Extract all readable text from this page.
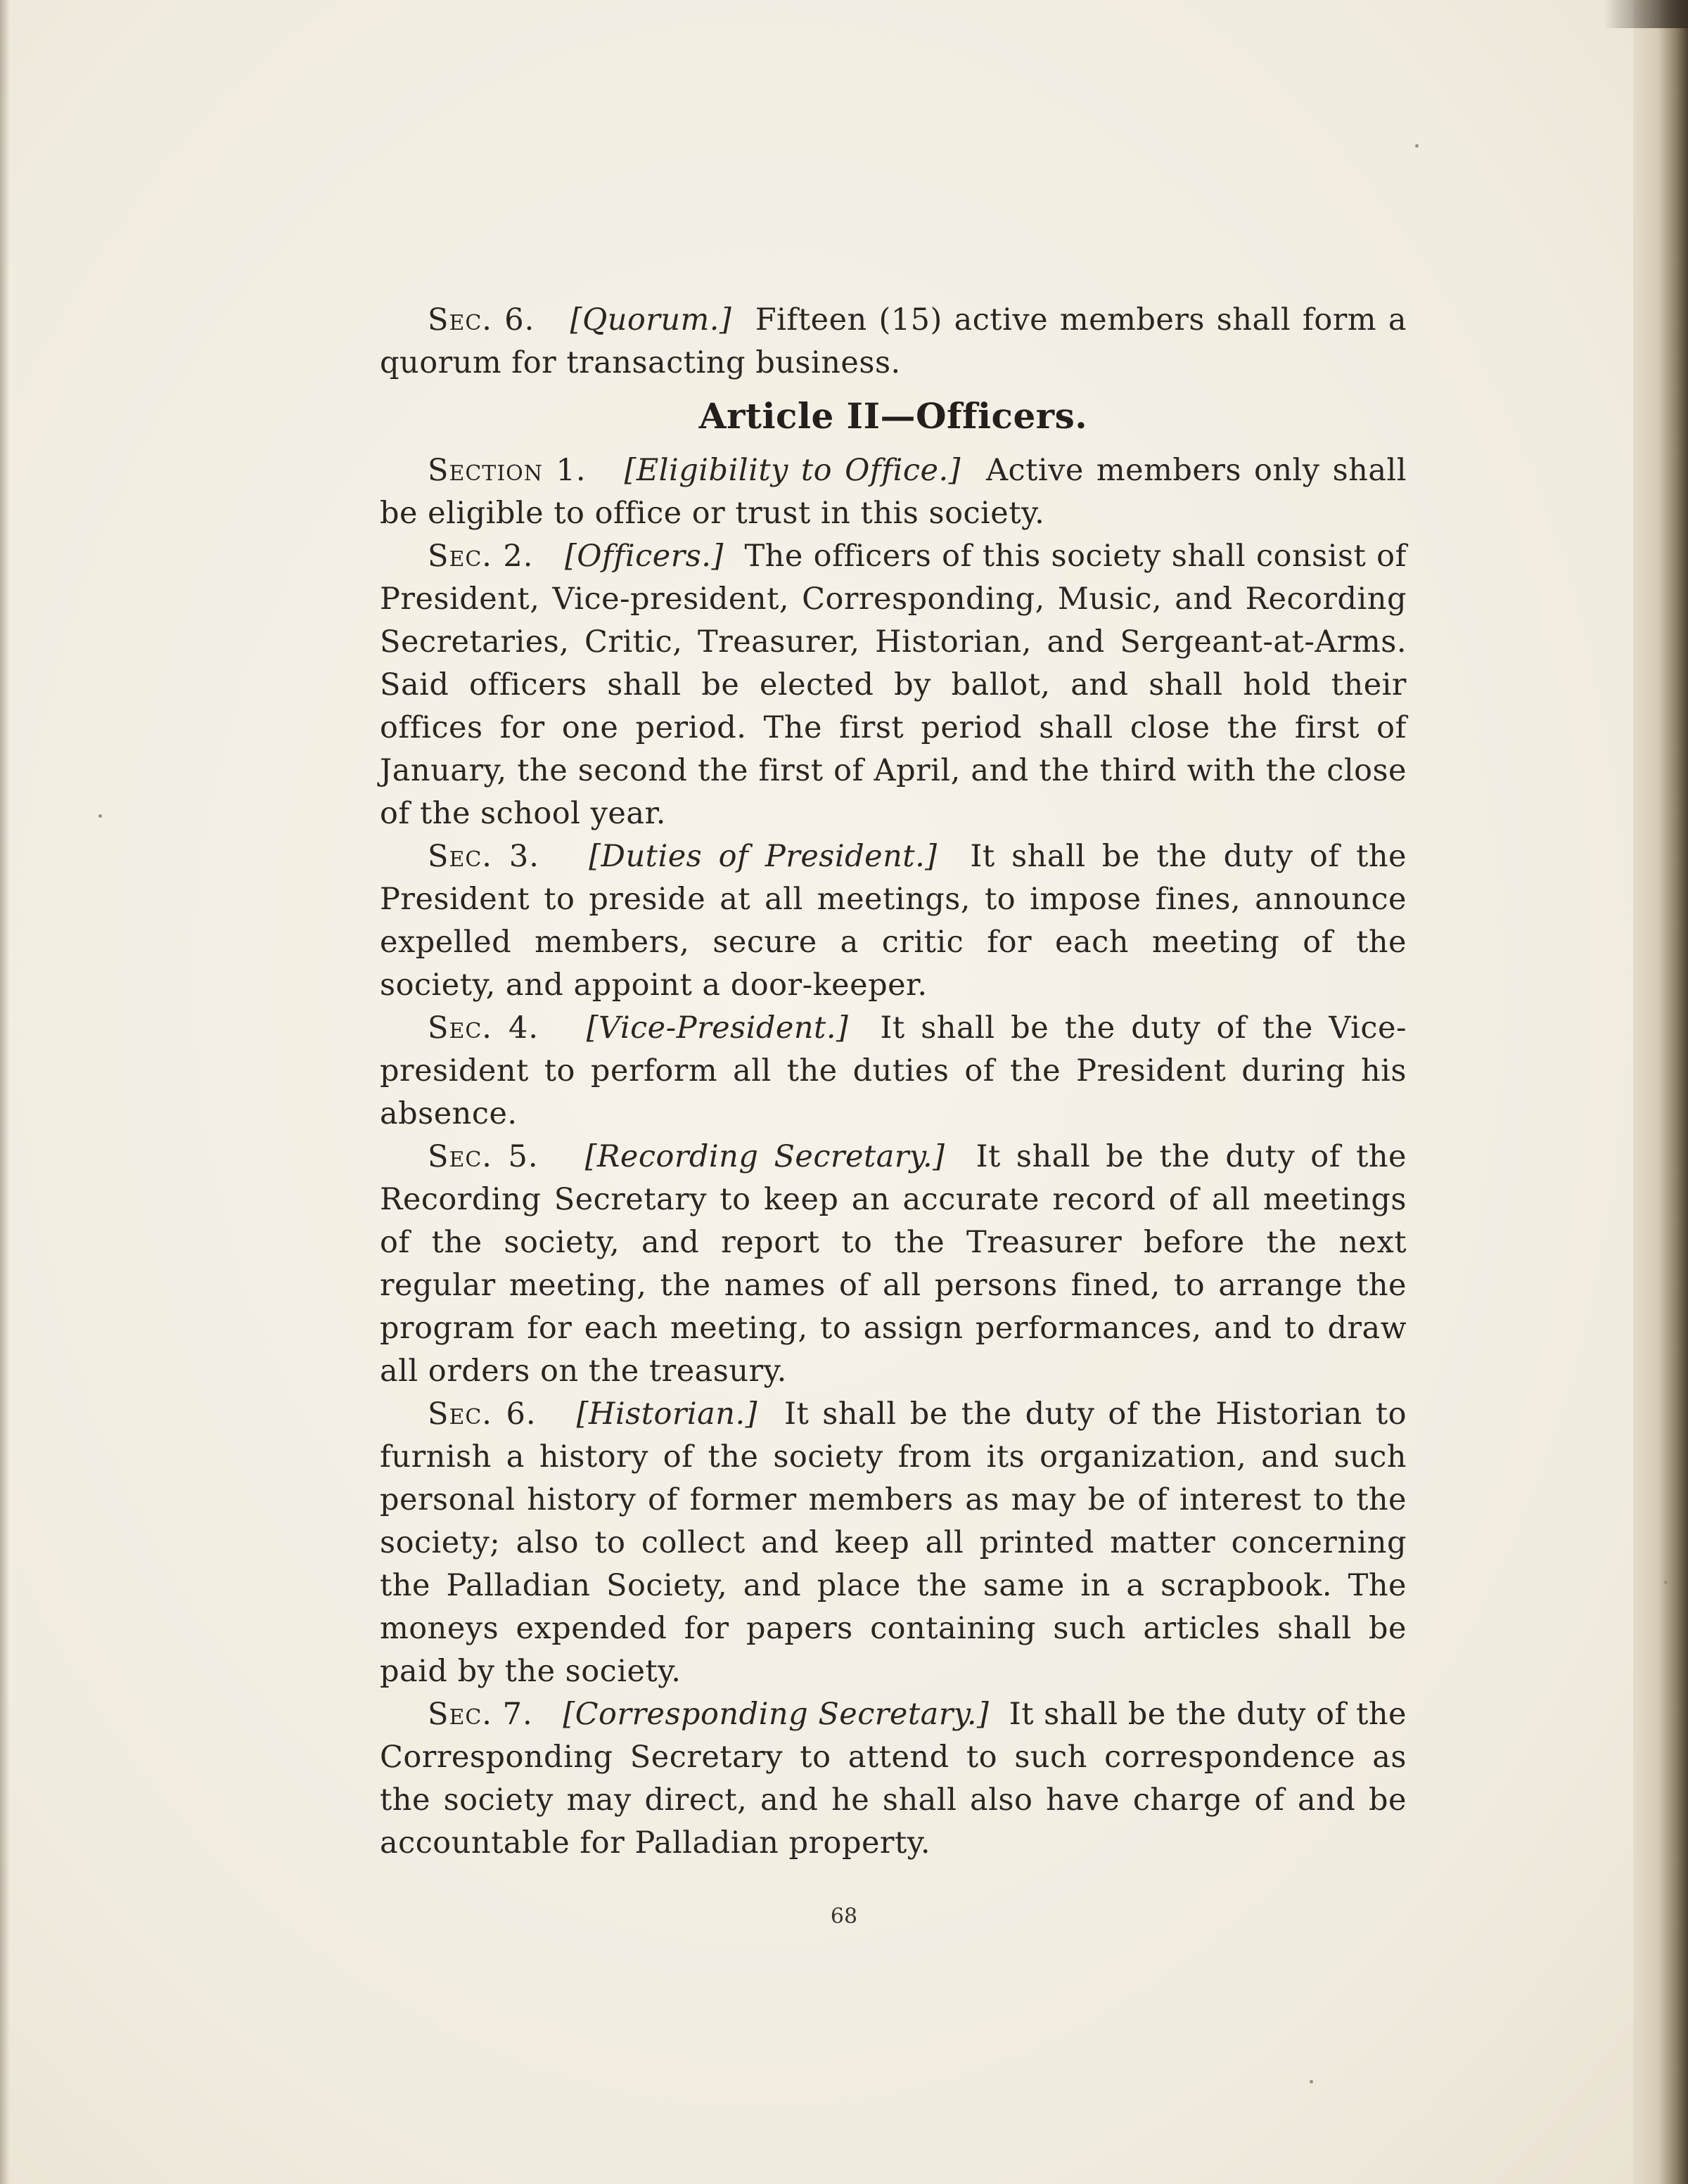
Sec. 6. [Quorum.] Fifteen (15) active members shall form a quorum for transacting business.

Article II—Officers.

Section 1. [Eligibility to Office.] Active members only shall be eligible to office or trust in this society.

Sec. 2. [Officers.] The officers of this society shall consist of President, Vice-president, Corresponding, Music, and Recording Secretaries, Critic, Treasurer, Historian, and Sergeant-at-Arms. Said officers shall be elected by ballot, and shall hold their offices for one period. The first period shall close the first of January, the second the first of April, and the third with the close of the school year.

Sec. 3. [Duties of President.] It shall be the duty of the President to preside at all meetings, to impose fines, announce expelled members, secure a critic for each meeting of the society, and appoint a door-keeper.

Sec. 4. [Vice-President.] It shall be the duty of the Vice-president to perform all the duties of the President during his absence.

Sec. 5. [Recording Secretary.] It shall be the duty of the Recording Secretary to keep an accurate record of all meetings of the society, and report to the Treasurer before the next regular meeting, the names of all persons fined, to arrange the program for each meeting, to assign performances, and to draw all orders on the treasury.

Sec. 6. [Historian.] It shall be the duty of the Historian to furnish a history of the society from its organization, and such personal history of former members as may be of interest to the society; also to collect and keep all printed matter concerning the Palladian Society, and place the same in a scrapbook. The moneys expended for papers containing such articles shall be paid by the society.

Sec. 7. [Corresponding Secretary.] It shall be the duty of the Corresponding Secretary to attend to such correspondence as the society may direct, and he shall also have charge of and be accountable for Palladian property.

68
